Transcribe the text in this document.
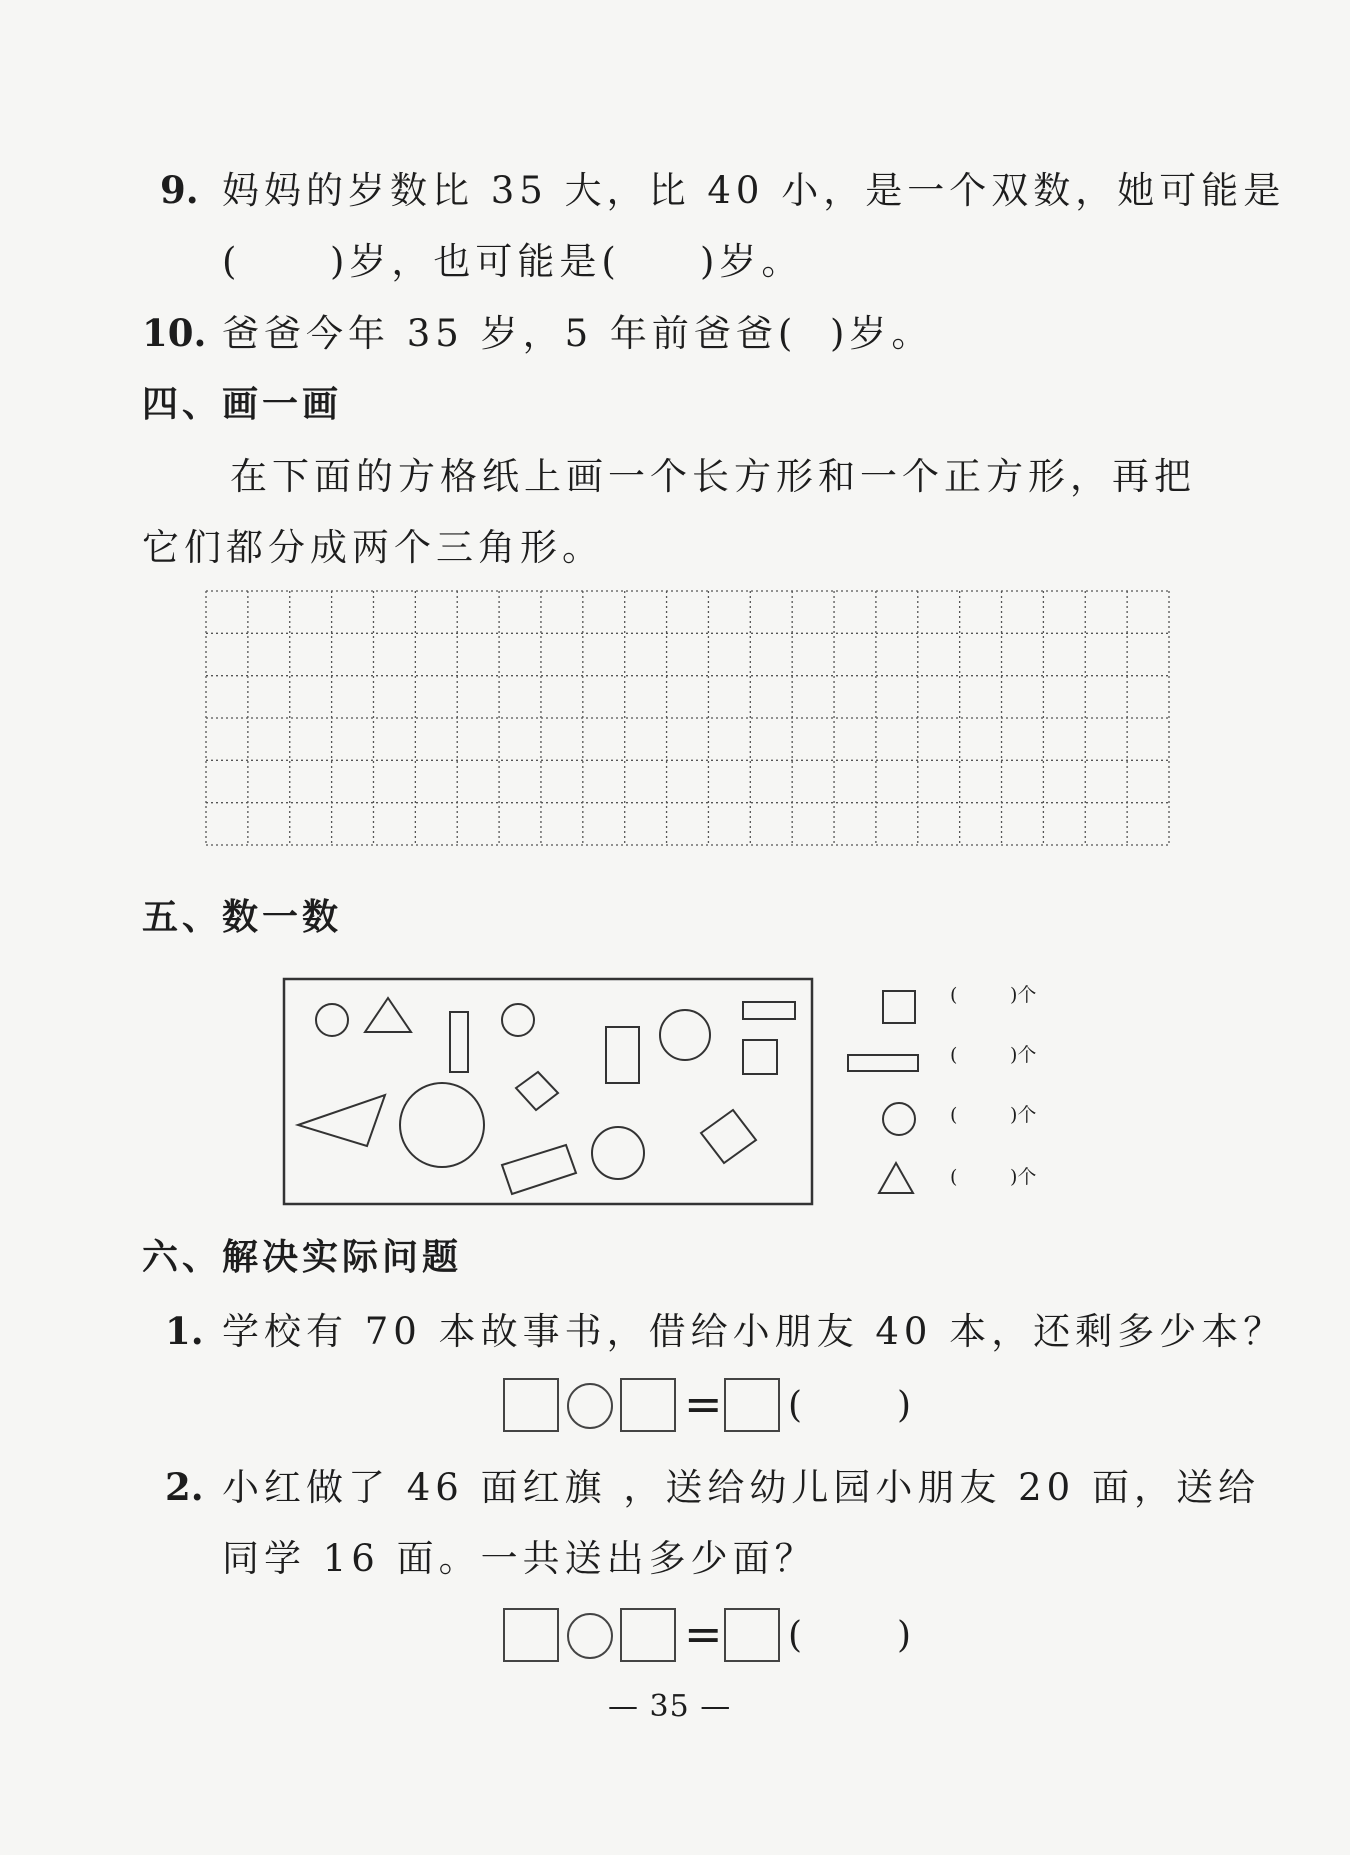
9. 妈妈的岁数比 35 大，比 40 小，是一个双数，她可能是
( )岁，也可能是( )岁。
10. 爸爸今年 35 岁，5 年前爸爸( )岁。
四、画一画
在下面的方格纸上画一个长方形和一个正方形，再把
它们都分成两个三角形。
五、数一数
(	)个
(	)个
(	)个
(	)个
六、解决实际问题
1. 学校有 70 本故事书，借给小朋友 40 本，还剩多少本？
= (	)
2. 小红做了 46 面红旗 ，送给幼儿园小朋友 20 面，送给
同学 16 面。一共送出多少面？
= (	)
— 35 —
